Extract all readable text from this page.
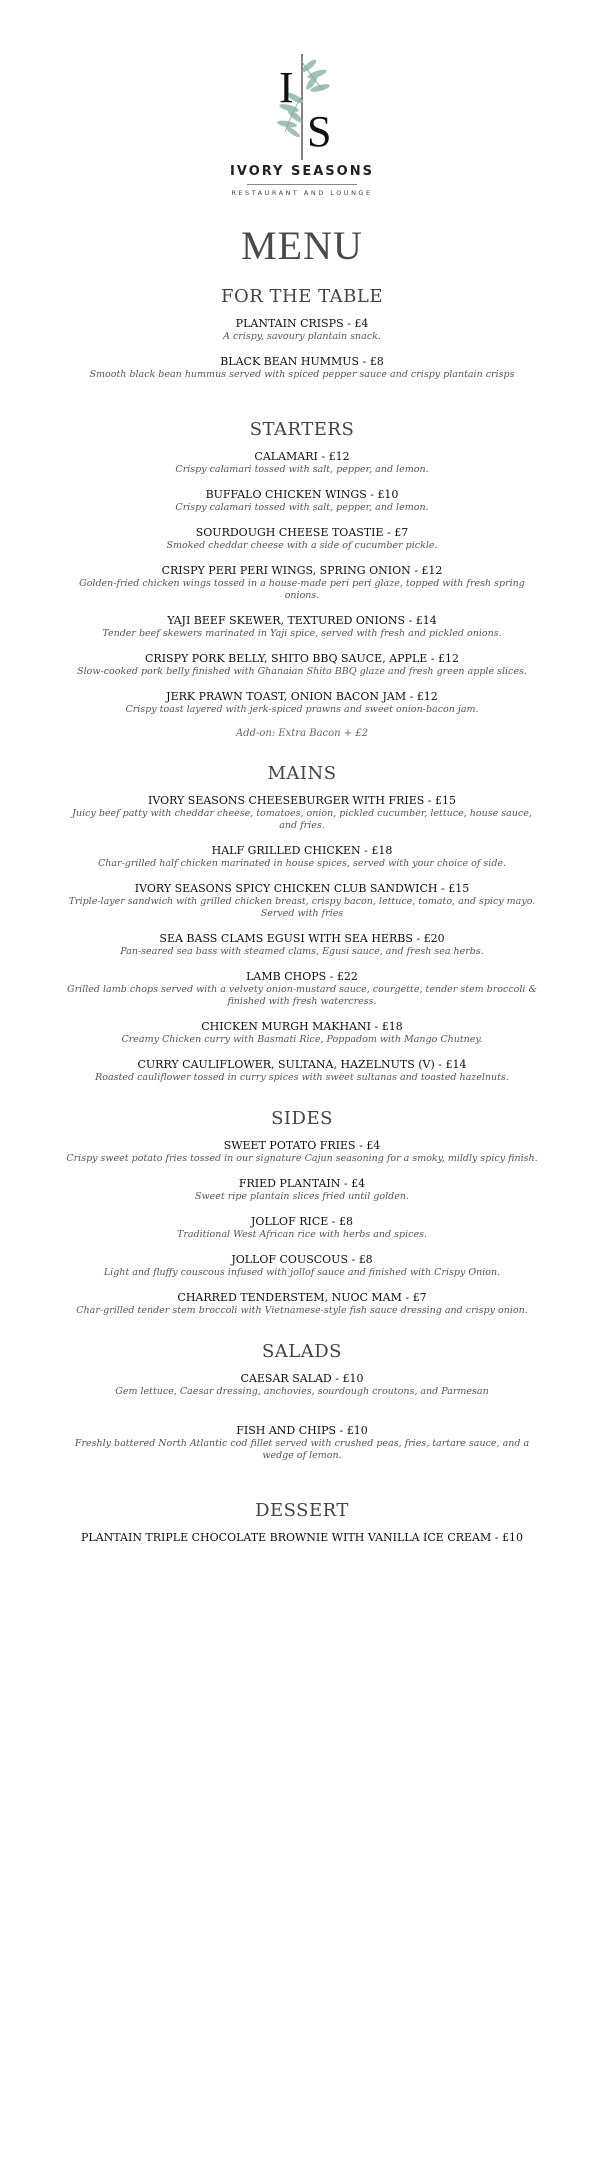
I
S
IVORY SEASONS
RESTAURANT AND LOUNGE
MENU
FOR THE TABLE
PLANTAIN CRISPS - £4
A crispy, savoury plantain snack.
BLACK BEAN HUMMUS - £8
Smooth black bean hummus served with spiced pepper sauce and crispy plantain crisps
STARTERS
CALAMARI - £12
Crispy calamari tossed with salt, pepper, and lemon.
BUFFALO CHICKEN WINGS - £10
Crispy calamari tossed with salt, pepper, and lemon.
SOURDOUGH CHEESE TOASTIE - £7
Smoked cheddar cheese with a side of cucumber pickle.
CRISPY PERI PERI WINGS, SPRING ONION - £12
Golden-fried chicken wings tossed in a house-made peri peri glaze, topped with fresh spring onions.
YAJI BEEF SKEWER, TEXTURED ONIONS - £14
Tender beef skewers marinated in Yaji spice, served with fresh and pickled onions.
CRISPY PORK BELLY, SHITO BBQ SAUCE, APPLE - £12
Slow-cooked pork belly finished with Ghanaian Shito BBQ glaze and fresh green apple slices.
JERK PRAWN TOAST, ONION BACON JAM - £12
Crispy toast layered with jerk-spiced prawns and sweet onion-bacon jam.
Add-on: Extra Bacon + £2
MAINS
IVORY SEASONS CHEESEBURGER WITH FRIES - £15
Juicy beef patty with cheddar cheese, tomatoes, onion, pickled cucumber, lettuce, house sauce, and fries.
HALF GRILLED CHICKEN - £18
Char-grilled half chicken marinated in house spices, served with your choice of side.
IVORY SEASONS SPICY CHICKEN CLUB SANDWICH - £15
Triple-layer sandwich with grilled chicken breast, crispy bacon, lettuce, tomato, and spicy mayo. Served with fries
SEA BASS CLAMS EGUSI WITH SEA HERBS - £20
Pan-seared sea bass with steamed clams, Egusi sauce, and fresh sea herbs.
LAMB CHOPS - £22
Grilled lamb chops served with a velvety onion-mustard sauce, courgette, tender stem broccoli & finished with fresh watercress.
CHICKEN MURGH MAKHANI - £18
Creamy Chicken curry with Basmati Rice, Poppadom with Mango Chutney.
CURRY CAULIFLOWER, SULTANA, HAZELNUTS (V) - £14
Roasted cauliflower tossed in curry spices with sweet sultanas and toasted hazelnuts.
SIDES
SWEET POTATO FRIES - £4
Crispy sweet potato fries tossed in our signature Cajun seasoning for a smoky, mildly spicy finish.
FRIED PLANTAIN - £4
Sweet ripe plantain slices fried until golden.
JOLLOF RICE - £8
Traditional West African rice with herbs and spices.
JOLLOF COUSCOUS - £8
Light and fluffy couscous infused with jollof sauce and finished with Crispy Onion.
CHARRED TENDERSTEM, NUOC MAM - £7
Char-grilled tender stem broccoli with Vietnamese-style fish sauce dressing and crispy onion.
SALADS
CAESAR SALAD - £10
Gem lettuce, Caesar dressing, anchovies, sourdough croutons, and Parmesan
FISH AND CHIPS - £10
Freshly battered North Atlantic cod fillet served with crushed peas, fries, tartare sauce, and a wedge of lemon.
DESSERT
PLANTAIN TRIPLE CHOCOLATE BROWNIE WITH VANILLA ICE CREAM - £10
